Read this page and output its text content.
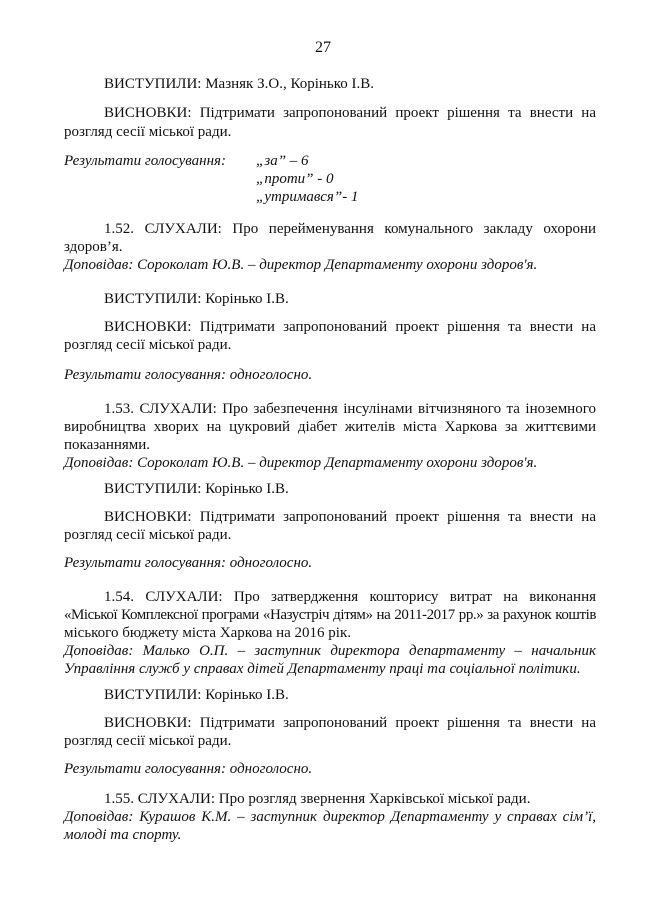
27
ВИСТУПИЛИ: Мазняк З.О., Корінько І.В.
ВИСНОВКИ: Підтримати запропонований проект рішення та внести на
розгляд сесії міської ради.
Результати голосування: „за” – 6
„проти” - 0
„утримався”- 1
1.52. СЛУХАЛИ: Про перейменування комунального закладу охорони
здоров’я.
Доповідав: Сороколат Ю.В. – директор Департаменту охорони здоров'я.
ВИСТУПИЛИ: Корінько І.В.
ВИСНОВКИ: Підтримати запропонований проект рішення та внести на
розгляд сесії міської ради.
Результати голосування: одноголосно.
1.53. СЛУХАЛИ: Про забезпечення інсулінами вітчизняного та іноземного
виробництва хворих на цукровий діабет жителів міста Харкова за життєвими
показаннями.
Доповідав: Сороколат Ю.В. – директор Департаменту охорони здоров'я.
ВИСТУПИЛИ: Корінько І.В.
ВИСНОВКИ: Підтримати запропонований проект рішення та внести на
розгляд сесії міської ради.
Результати голосування: одноголосно.
1.54. СЛУХАЛИ: Про затвердження кошторису витрат на виконання
«Міської Комплексної програми «Назустріч дітям» на 2011-2017 рр.» за рахунок коштів
міського бюджету міста Харкова на 2016 рік.
Доповідав: Малько О.П. – заступник директора департаменту – начальник
Управління служб у справах дітей Департаменту праці та соціальної політики.
ВИСТУПИЛИ: Корінько І.В.
ВИСНОВКИ: Підтримати запропонований проект рішення та внести на
розгляд сесії міської ради.
Результати голосування: одноголосно.
1.55. СЛУХАЛИ: Про розгляд звернення Харківської міської ради.
Доповідав: Курашов К.М. – заступник директор Департаменту у справах сім’ї,
молоді та спорту.
